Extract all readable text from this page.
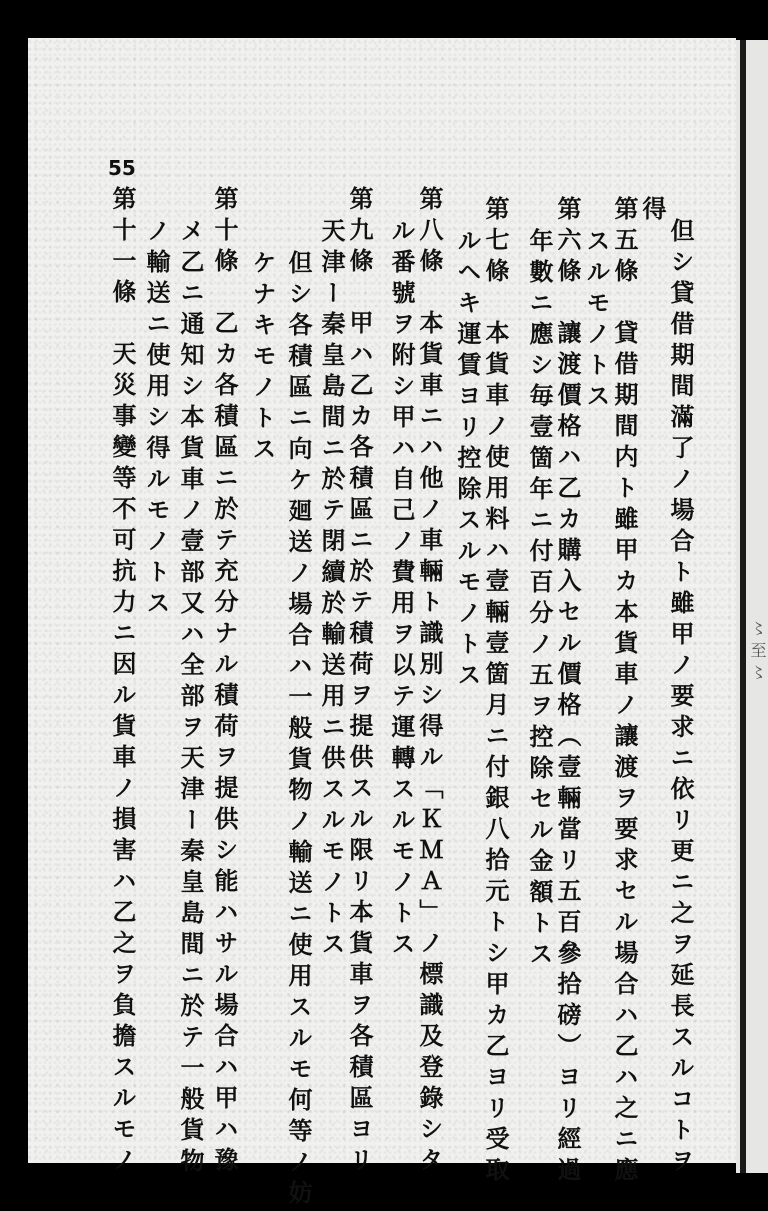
55
但シ貸借期間滿了ノ場合ト雖甲ノ要求ニ依リ更ニ之ヲ延長スルコトヲ
得
第五條　貸借期間内ト雖甲カ本貨車ノ讓渡ヲ要求セル場合ハ乙ハ之ニ應
スルモノトス
第六條　讓渡價格ハ乙カ購入セル價格（壹輛當リ五百參拾磅）ヨリ經過
年數ニ應シ毎壹箇年ニ付百分ノ五ヲ控除セル金額トス
第七條　本貨車ノ使用料ハ壹輛壹箇月ニ付銀八拾元トシ甲カ乙ヨリ受取
ルヘキ運賃ヨリ控除スルモノトス
第八條　本貨車ニハ他ノ車輛ト識別シ得ル「ＫＭＡ」ノ標識及登錄シタ
ル番號ヲ附シ甲ハ自己ノ費用ヲ以テ運轉スルモノトス
第九條　甲ハ乙カ各積區ニ於テ積荷ヲ提供スル限リ本貨車ヲ各積區ヨリ
天津ー秦皇島間ニ於テ閉續於輸送用ニ供スルモノトス
但シ各積區ニ向ケ廻送ノ場合ハ一般貨物ノ輸送ニ使用スルモ何等ノ妨
ケナキモノトス
第十條　乙カ各積區ニ於テ充分ナル積荷ヲ提供シ能ハサル場合ハ甲ハ豫
メ乙ニ通知シ本貨車ノ壹部又ハ全部ヲ天津ー秦皇島間ニ於テ一般貨物
ノ輸送ニ使用シ得ルモノトス
第十一條　天災事變等不可抗力ニ因ル貨車ノ損害ハ乙之ヲ負擔スルモノ	〻至〻
